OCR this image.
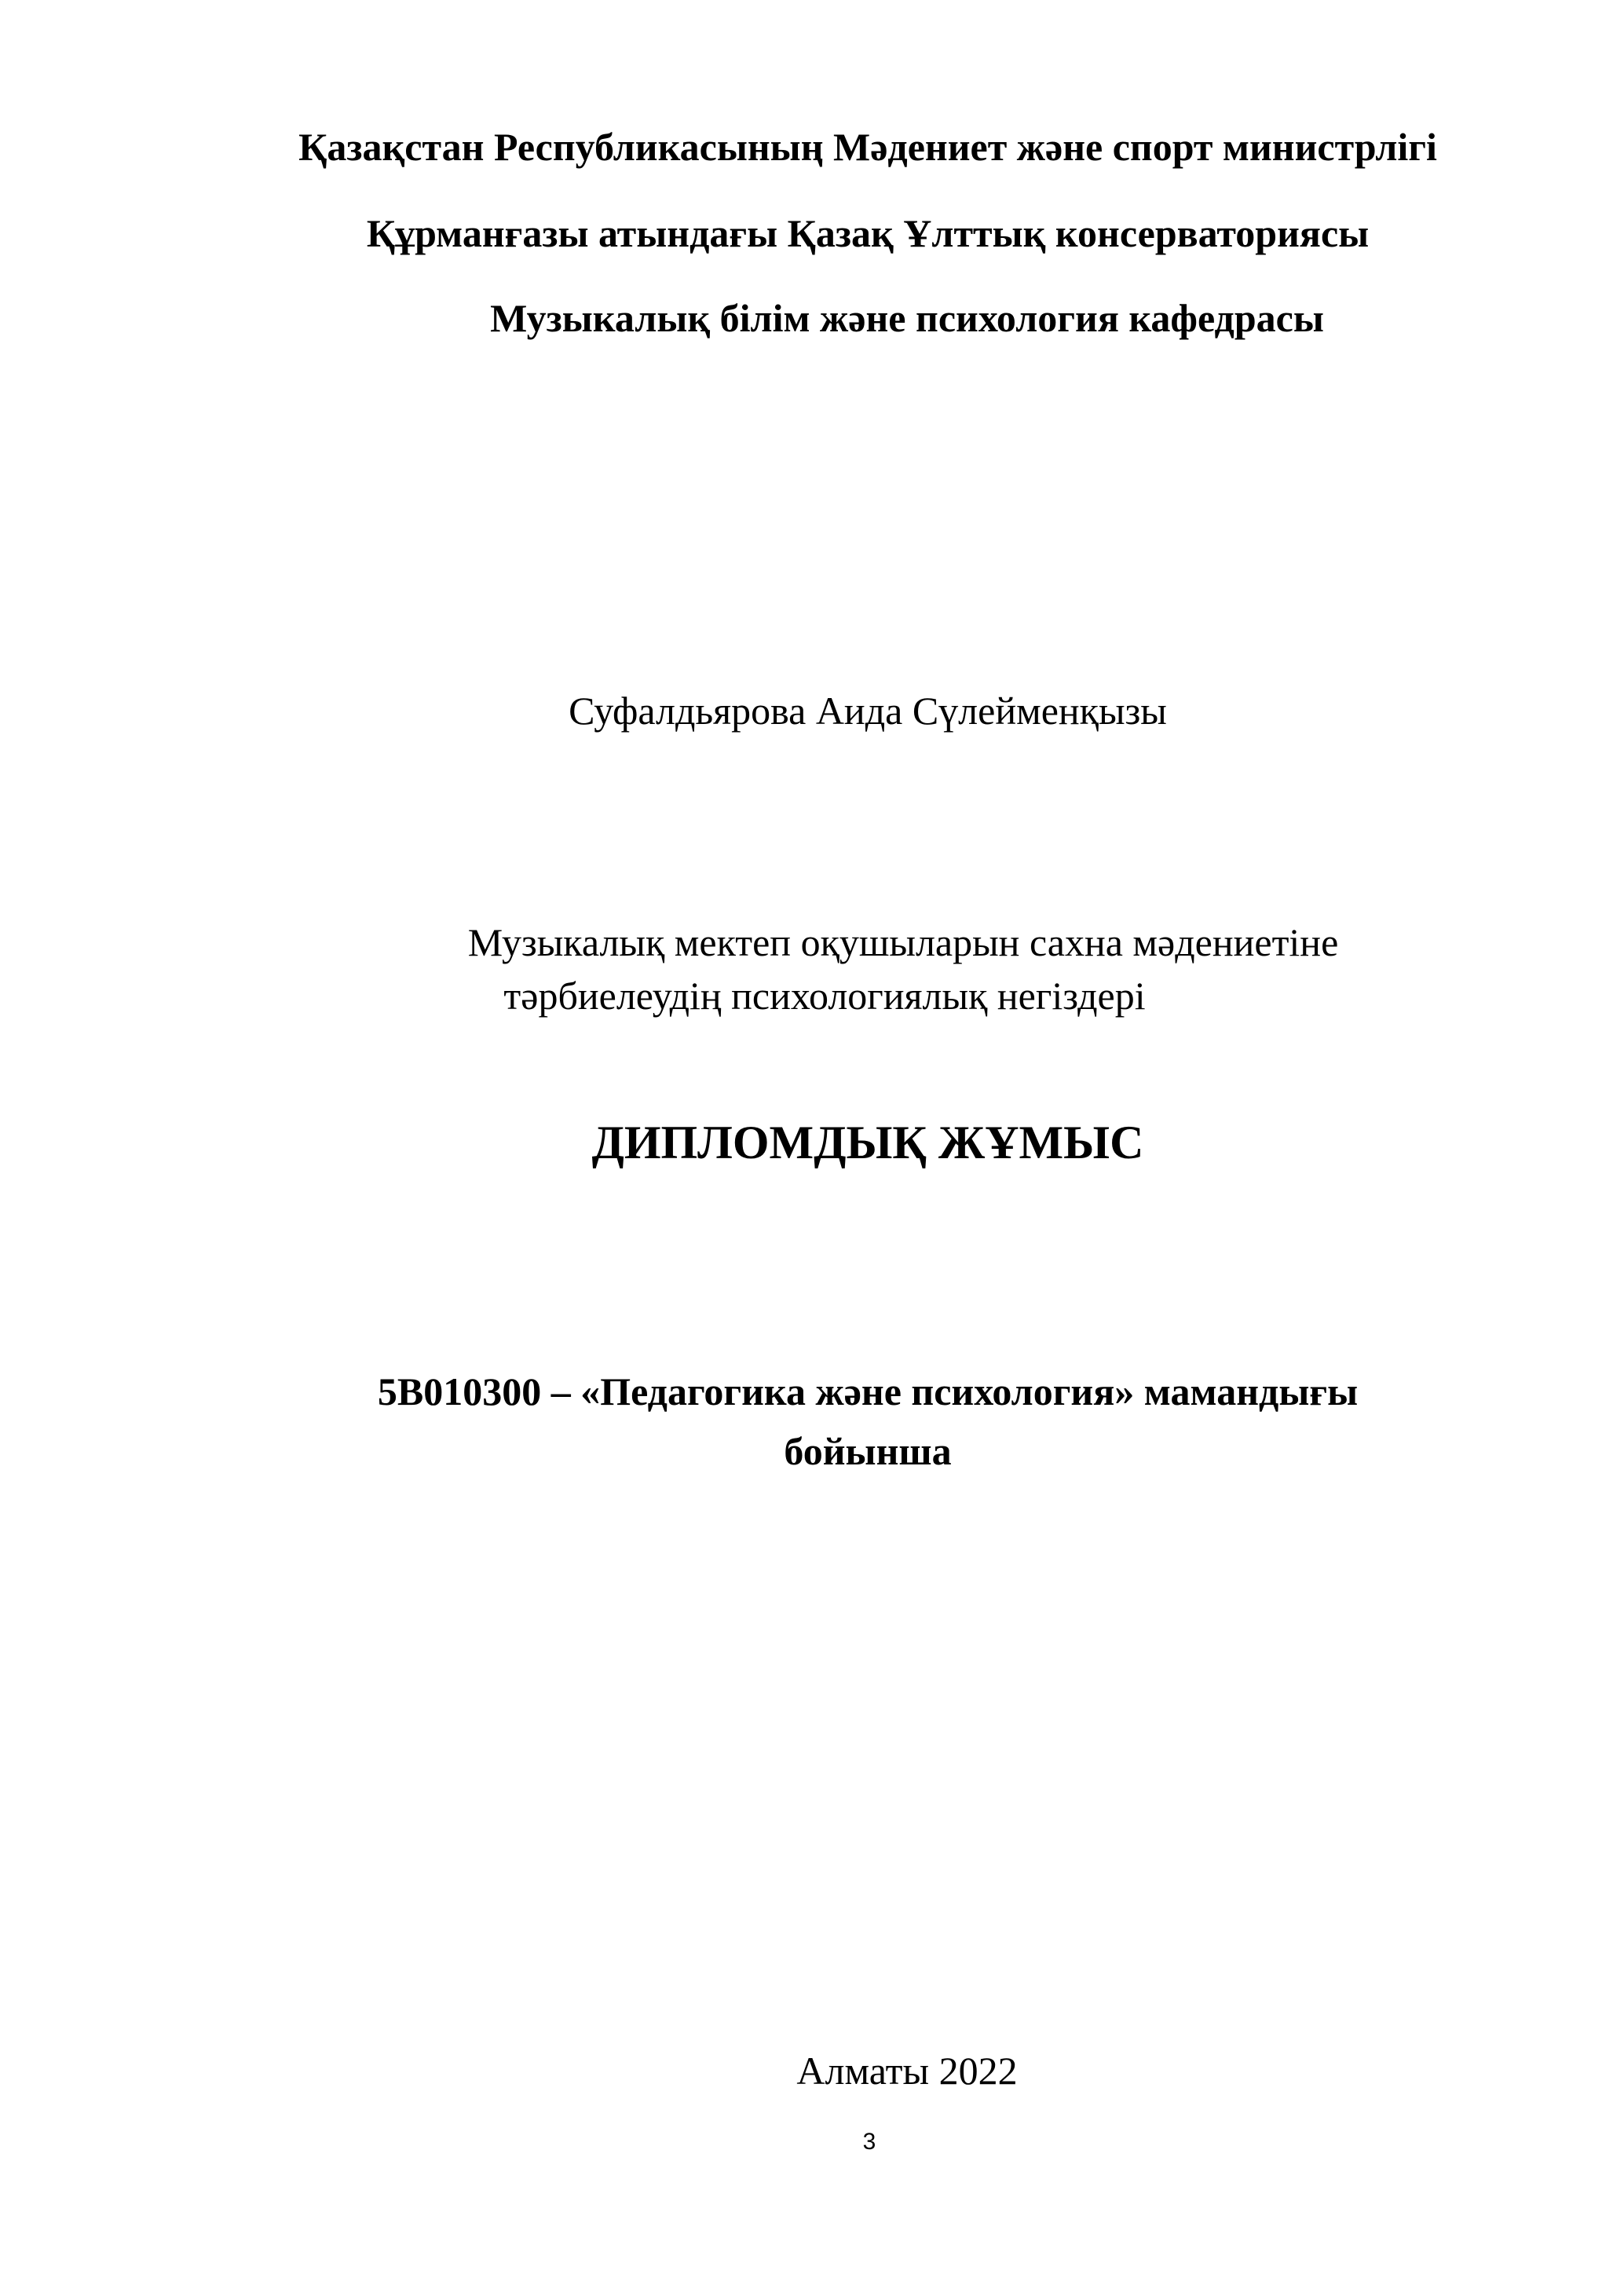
Қазақстан Республикасының Мәдениет және спорт министрлігі
Құрманғазы атындағы Қазақ Ұлттық консерваториясы
Музыкалық білім және психология кафедрасы
Суфалдьярова Аида Сүлейменқызы
Музыкалық мектеп оқушыларын сахна мәдениетіне
тәрбиелеудің психологиялық негіздері
ДИПЛОМДЫҚ ЖҰМЫС
5В010300 – «Педагогика және психология» мамандығы
бойынша
Алматы 2022
3
